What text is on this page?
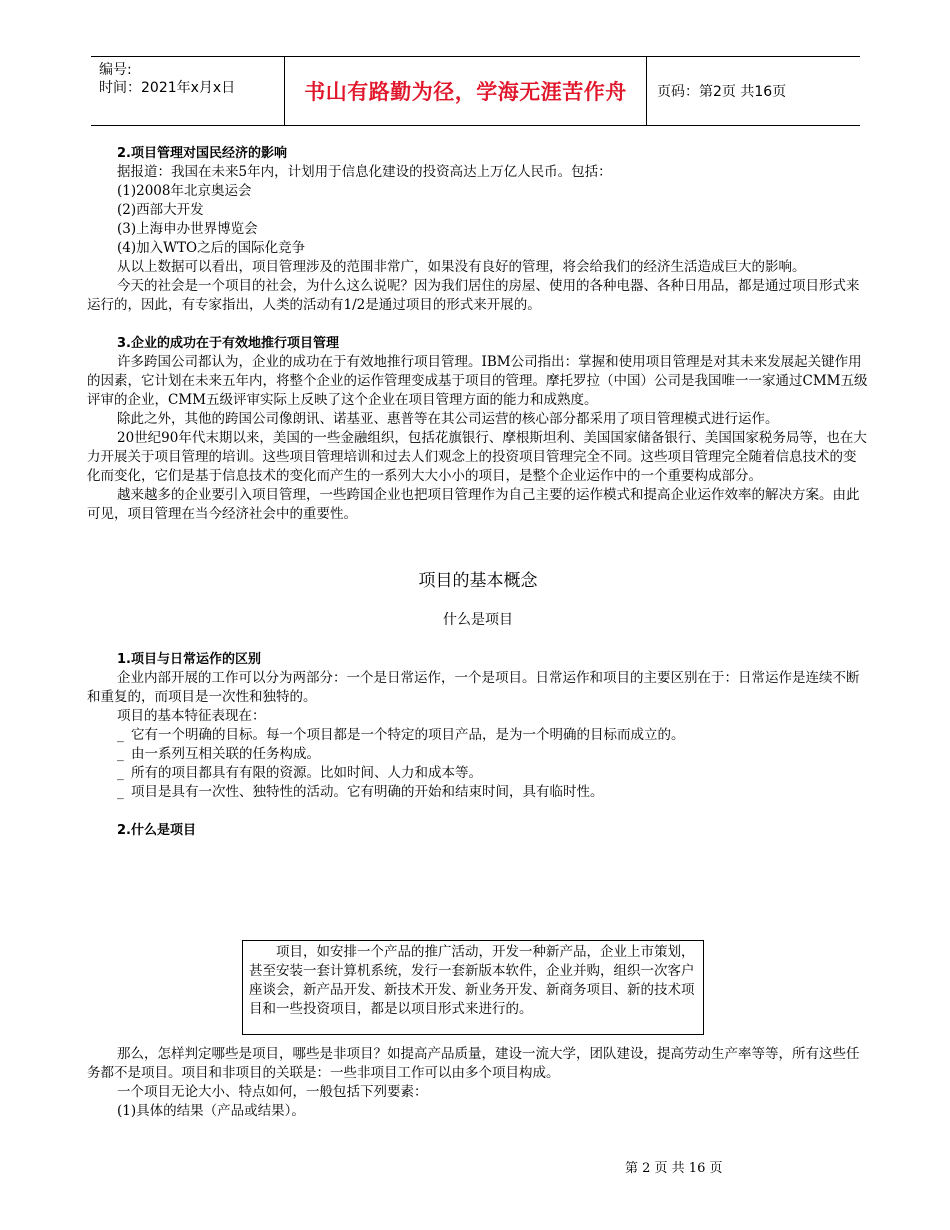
编号:
时间：2021年x月x日	书山有路勤为径，学海无涯苦作舟	页码：第2页 共16页

2.项目管理对国民经济的影响

据报道：我国在未来5年内，计划用于信息化建设的投资高达上万亿人民币。包括：

(1)2008年北京奥运会

(2)西部大开发

(3)上海申办世界博览会

(4)加入WTO之后的国际化竞争

从以上数据可以看出，项目管理涉及的范围非常广，如果没有良好的管理，将会给我们的经济生活造成巨大的影响。

今天的社会是一个项目的社会，为什么这么说呢？因为我们居住的房屋、使用的各种电器、各种日用品，都是通过项目形式来运行的，因此，有专家指出，人类的活动有1/2是通过项目的形式来开展的。

3.企业的成功在于有效地推行项目管理

许多跨国公司都认为，企业的成功在于有效地推行项目管理。IBM公司指出：掌握和使用项目管理是对其未来发展起关键作用的因素，它计划在未来五年内，将整个企业的运作管理变成基于项目的管理。摩托罗拉（中国）公司是我国唯一一家通过CMM五级评审的企业，CMM五级评审实际上反映了这个企业在项目管理方面的能力和成熟度。

除此之外，其他的跨国公司像朗讯、诺基亚、惠普等在其公司运营的核心部分都采用了项目管理模式进行运作。

20世纪90年代末期以来，美国的一些金融组织，包括花旗银行、摩根斯坦利、美国国家储备银行、美国国家税务局等，也在大力开展关于项目管理的培训。这些项目管理培训和过去人们观念上的投资项目管理完全不同。这些项目管理完全随着信息技术的变化而变化，它们是基于信息技术的变化而产生的一系列大大小小的项目，是整个企业运作中的一个重要构成部分。

越来越多的企业要引入项目管理，一些跨国企业也把项目管理作为自己主要的运作模式和提高企业运作效率的解决方案。由此可见，项目管理在当今经济社会中的重要性。

项目的基本概念

什么是项目

1.项目与日常运作的区别

企业内部开展的工作可以分为两部分：一个是日常运作，一个是项目。日常运作和项目的主要区别在于：日常运作是连续不断和重复的，而项目是一次性和独特的。

项目的基本特征表现在：

_ 它有一个明确的目标。每一个项目都是一个特定的项目产品，是为一个明确的目标而成立的。
_ 由一系列互相关联的任务构成。
_ 所有的项目都具有有限的资源。比如时间、人力和成本等。
_ 项目是具有一次性、独特性的活动。它有明确的开始和结束时间，具有临时性。

2.什么是项目

项目，如安排一个产品的推广活动，开发一种新产品，企业上市策划，甚至安装一套计算机系统，发行一套新版本软件，企业并购，组织一次客户座谈会，新产品开发、新技术开发、新业务开发、新商务项目、新的技术项目和一些投资项目，都是以项目形式来进行的。

那么，怎样判定哪些是项目，哪些是非项目？如提高产品质量，建设一流大学，团队建设，提高劳动生产率等等，所有这些任务都不是项目。项目和非项目的关联是：一些非项目工作可以由多个项目构成。

一个项目无论大小、特点如何，一般包括下列要素：

(1)具体的结果（产品或结果）。

第 2 页 共 16 页
